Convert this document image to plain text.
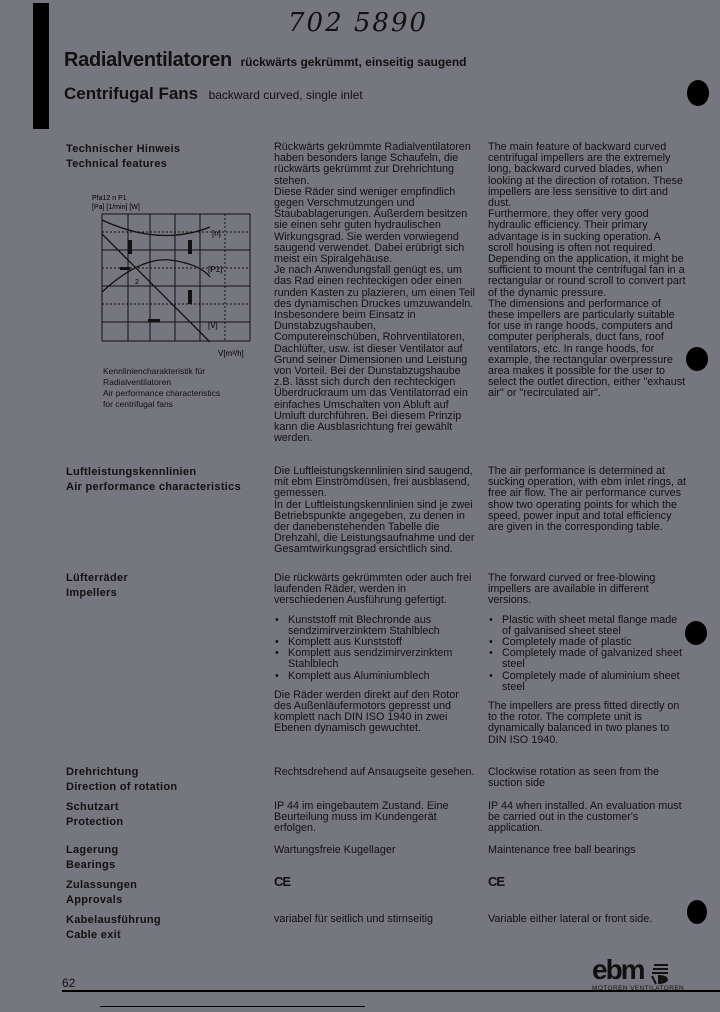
702 5890
Radialventilatoren rückwärts gekrümmt, einseitig saugend
Centrifugal Fans backward curved, single inlet
Technischer Hinweis
Technical features
Pfa12 n P1
[Pa] [1/min] [W]
[n]
[P1]
[V]
2
V[m³/h]
Kennliniencharakteristik für
Radialventilatoren
Air performance characteristics
for centrifugal fans

Rückwärts gekrümmte Radialventilatoren haben besonders lange Schaufeln, die rückwärts gekrümmt zur Drehrichtung stehen.

Diese Räder sind weniger empfindlich gegen Verschmutzungen und Staubablagerungen. Außerdem besitzen sie einen sehr guten hydraulischen Wirkungsgrad. Sie werden vorwiegend saugend verwendet. Dabei erübrigt sich meist ein Spiralgehäuse.

Je nach Anwendungsfall genügt es, um das Rad einen rechteckigen oder einen runden Kasten zu plazieren, um einen Teil des dynamischen Druckes umzuwandeln. Insbesondere beim Einsatz in Dunstabzugshauben, Computereinschüben, Rohrventilatoren, Dachlüfter, usw. ist dieser Ventilator auf Grund seiner Dimensionen und Leistung von Vorteil. Bei der Dunstabzugshaube z.B. lässt sich durch den rechteckigen Überdruckraum um das Ventilatorrad ein einfaches Umschalten von Abluft auf Umluft durchführen. Bei diesem Prinzip kann die Ausblasrichtung frei gewählt werden.

The main feature of backward curved centrifugal impellers are the extremely long, backward curved blades, when looking at the direction of rotation. These impellers are less sensitive to dirt and dust.

Furthermore, they offer very good hydraulic efficiency. Their primary advantage is in sucking operation. A scroll housing is often not required.

Depending on the application, it might be sufficient to mount the centrifugal fan in a rectangular or round scroll to convert part of the dynamic pressure.

The dimensions and performance of these impellers are particularly suitable for use in range hoods, computers and computer peripherals, duct fans, roof ventilators, etc. In range hoods, for example, the rectangular overpressure area makes it possible for the user to select the outlet direction, either "exhaust air" or "recirculated air".

Luftleistungskennlinien
Air performance characteristics

Die Luftleistungskennlinien sind saugend, mit ebm Einströmdüsen, frei ausblasend, gemessen.

In der Luftleistungskennlinien sind je zwei Betriebspunkte angegeben, zu denen in der danebenstehenden Tabelle die Drehzahl, die Leistungsaufnahme und der Gesamtwirkungsgrad ersichtlich sind.

The air performance is determined at sucking operation, with ebm inlet rings, at free air flow. The air performance curves show two operating points for which the speed, power input and total efficiency are given in the corresponding table.

Lüfterräder
Impellers

Die rückwärts gekrümmten oder auch frei laufenden Räder, werden in verschiedenen Ausführung gefertigt.

• Kunststoff mit Blechronde aus sendzimirverzinktem Stahlblech
• Komplett aus Kunststoff
• Komplett aus sendzimirverzinktem Stahlblech
• Komplett aus Aluminiumblech

Die Räder werden direkt auf den Rotor des Außenläufermotors gepresst und komplett nach DIN ISO 1940 in zwei Ebenen dynamisch gewuchtet.

The forward curved or free-blowing impellers are available in different versions.

• Plastic with sheet metal flange made of galvanised sheet steel
• Completely made of plastic
• Completely made of galvanized sheet steel
• Completely made of aluminium sheet steel

The impellers are press fitted directly on to the rotor. The complete unit is dynamically balanced in two planes to DIN ISO 1940.

Drehrichtung
Direction of rotation
Rechtsdrehend auf Ansaugseite gesehen.	Clockwise rotation as seen from the suction side
Schutzart
Protection
IP 44 im eingebautem Zustand. Eine Beurteilung muss im Kundengerät erfolgen.
IP 44 when installed. An evaluation must be carried out in the customer's application.
Lagerung
Bearings
Wartungsfreie Kugellager	Maintenance free ball bearings
Zulassungen
Approvals
CE	CE
Kabelausführung
Cable exit
variabel für seitlich und stirnseitig	Variable either lateral or front side.
62	ebm
MOTOREN VENTILATOREN
